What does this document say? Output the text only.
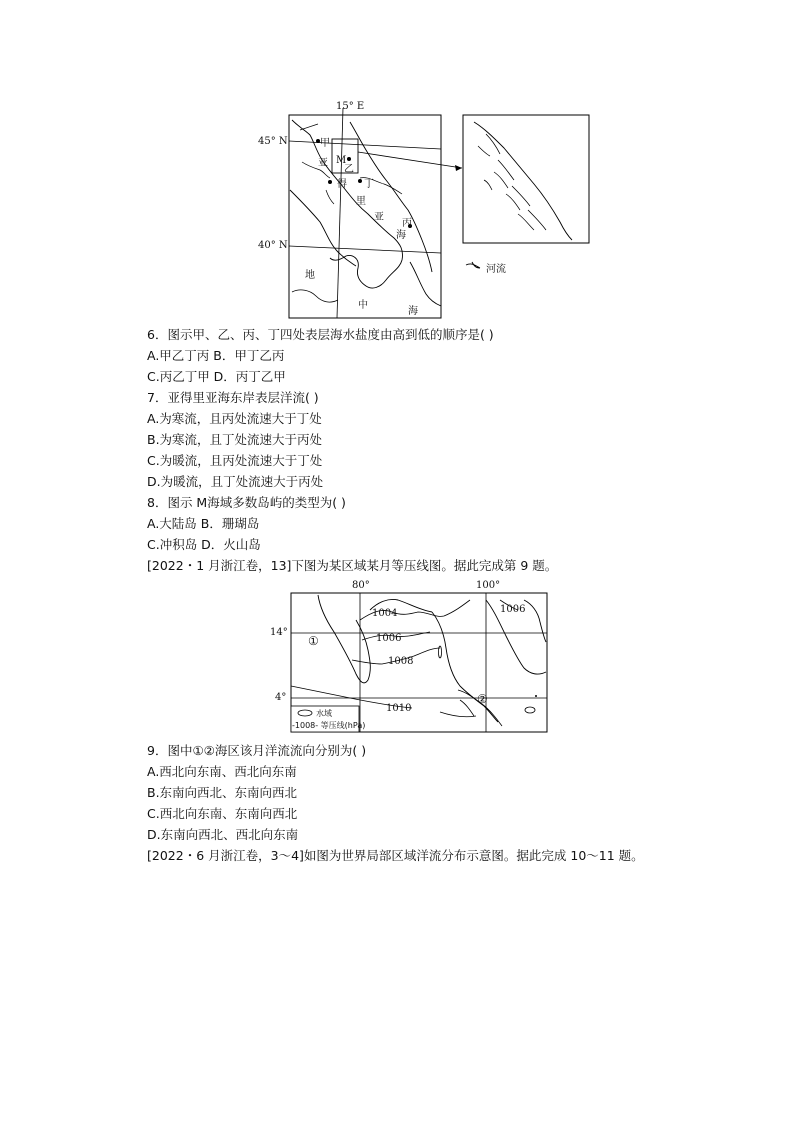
15° E
45° N
40° N
甲
亚 M
乙
得 丁
里
亚
丙
海
地
中
海
河流
6．图示甲、乙、丙、丁四处表层海水盐度由高到低的顺序是( )
A.甲乙丁丙 B．甲丁乙丙
C.丙乙丁甲 D．丙丁乙甲
7．亚得里亚海东岸表层洋流( )
A.为寒流，且丙处流速大于丁处
B.为寒流，且丁处流速大于丙处
C.为暖流，且丙处流速大于丁处
D.为暖流，且丁处流速大于丙处
8．图示 M海域多数岛屿的类型为( )
A.大陆岛 B．珊瑚岛
C.冲积岛 D．火山岛
[2022・1 月浙江卷，13]下图为某区域某月等压线图。据此完成第 9 题。
80°	100°
14°
4°
1004
1006
1006
1008
1010
①
②
水域
-1008- 等压线(hPa)
9．图中①②海区该月洋流流向分别为( )
A.西北向东南、西北向东南
B.东南向西北、东南向西北
C.西北向东南、东南向西北
D.东南向西北、西北向东南
[2022・6 月浙江卷，3～4]如图为世界局部区域洋流分布示意图。据此完成 10～11 题。
